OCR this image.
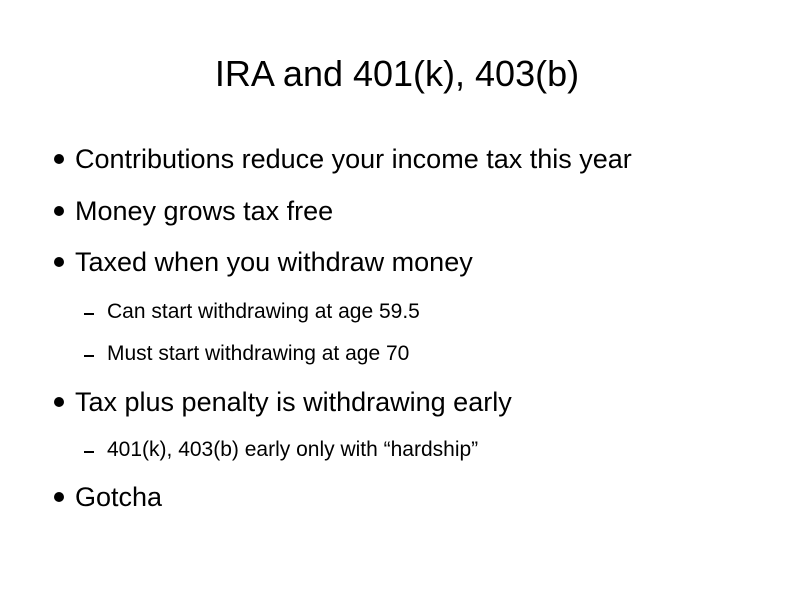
IRA and 401(k), 403(b)
Contributions reduce your income tax this year
Money grows tax free
Taxed when you withdraw money
Can start withdrawing at age 59.5
Must start withdrawing at age 70
Tax plus penalty is withdrawing early
401(k), 403(b) early only with “hardship”
Gotcha
